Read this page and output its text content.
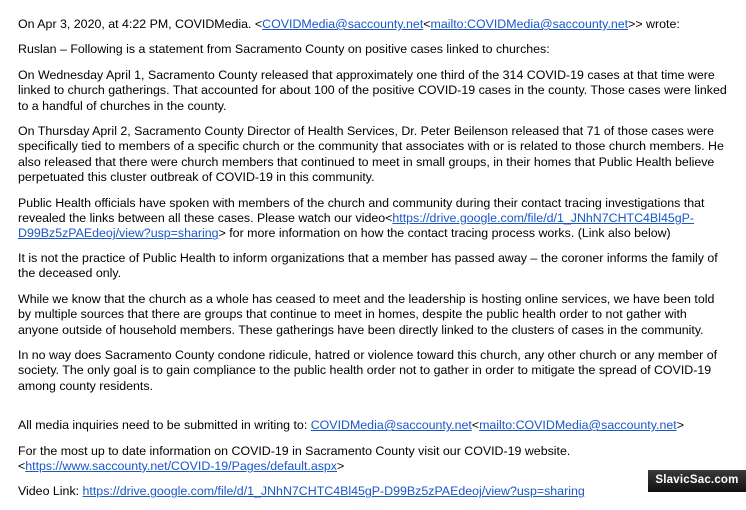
On Apr 3, 2020, at 4:22 PM, COVIDMedia. <COVIDMedia@saccounty.net<mailto:COVIDMedia@saccounty.net>> wrote:

Ruslan – Following is a statement from Sacramento County on positive cases linked to churches:

On Wednesday April 1, Sacramento County released that approximately one third of the 314 COVID-19 cases at that time were linked to church gatherings. That accounted for about 100 of the positive COVID-19 cases in the county. Those cases were linked to a handful of churches in the county.

On Thursday April 2, Sacramento County Director of Health Services, Dr. Peter Beilenson released that 71 of those cases were specifically tied to members of a specific church or the community that associates with or is related to those church members. He also released that there were church members that continued to meet in small groups, in their homes that Public Health believe perpetuated this cluster outbreak of COVID-19 in this community.

Public Health officials have spoken with members of the church and community during their contact tracing investigations that revealed the links between all these cases. Please watch our video<https://drive.google.com/file/d/1_JNhN7CHTC4Bl45gP-D99Bz5zPAEdeoj/view?usp=sharing> for more information on how the contact tracing process works. (Link also below)

It is not the practice of Public Health to inform organizations that a member has passed away – the coroner informs the family of the deceased only.

While we know that the church as a whole has ceased to meet and the leadership is hosting online services, we have been told by multiple sources that there are groups that continue to meet in homes, despite the public health order to not gather with anyone outside of household members. These gatherings have been directly linked to the clusters of cases in the community.

In no way does Sacramento County condone ridicule, hatred or violence toward this church, any other church or any member of society. The only goal is to gain compliance to the public health order not to gather in order to mitigate the spread of COVID-19 among county residents.

All media inquiries need to be submitted in writing to: COVIDMedia@saccounty.net<mailto:COVIDMedia@saccounty.net>

For the most up to date information on COVID-19 in Sacramento County visit our COVID-19 website.<https://www.saccounty.net/COVID-19/Pages/default.aspx>

Video Link: https://drive.google.com/file/d/1_JNhN7CHTC4Bl45gP-D99Bz5zPAEdeoj/view?usp=sharing

SlavicSac.com
